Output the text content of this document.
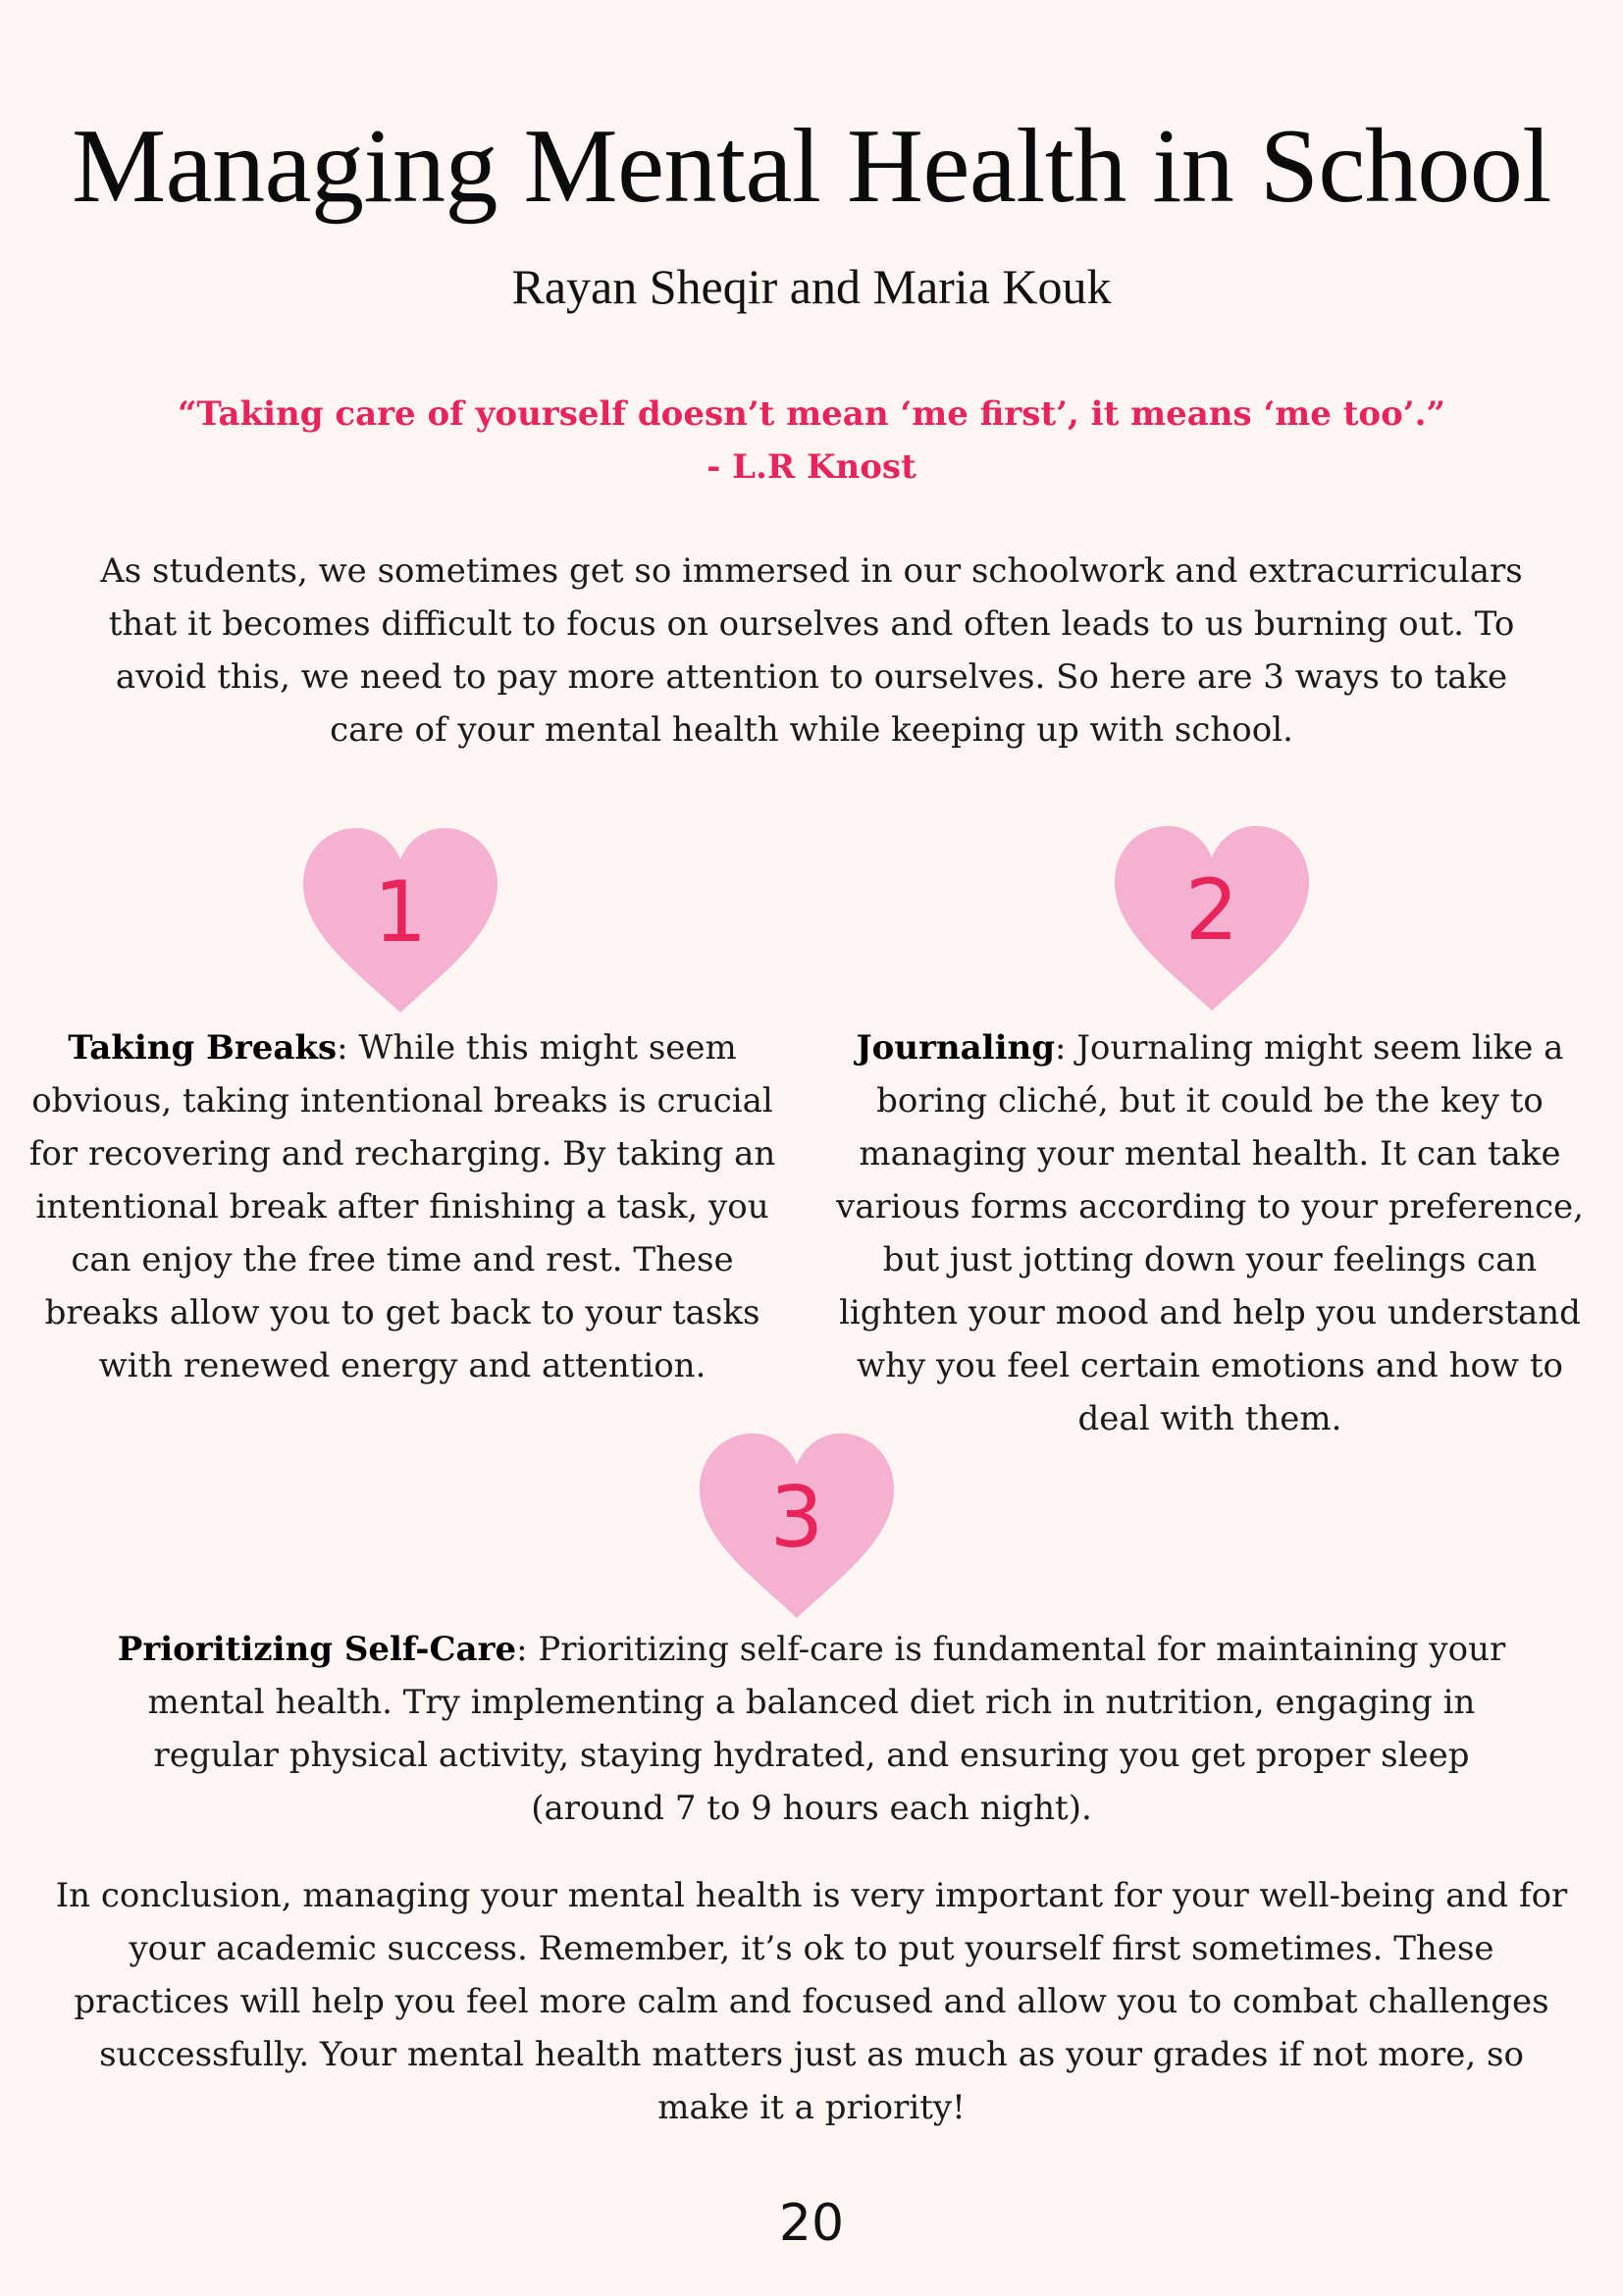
Managing Mental Health in School
Rayan Sheqir and Maria Kouk
“Taking care of yourself doesn’t mean ‘me first’, it means ‘me too’.”
- L.R Knost
As students, we sometimes get so immersed in our schoolwork and extracurriculars that it becomes difficult to focus on ourselves and often leads to us burning out. To avoid this, we need to pay more attention to ourselves. So here are 3 ways to take care of your mental health while keeping up with school.
1	2
Taking Breaks: While this might seem obvious, taking intentional breaks is crucial for recovering and recharging. By taking an intentional break after finishing a task, you can enjoy the free time and rest. These breaks allow you to get back to your tasks with renewed energy and attention.
Journaling: Journaling might seem like a boring cliché, but it could be the key to managing your mental health. It can take various forms according to your preference, but just jotting down your feelings can lighten your mood and help you understand why you feel certain emotions and how to deal with them.
3
Prioritizing Self-Care: Prioritizing self-care is fundamental for maintaining your mental health. Try implementing a balanced diet rich in nutrition, engaging in regular physical activity, staying hydrated, and ensuring you get proper sleep (around 7 to 9 hours each night).
In conclusion, managing your mental health is very important for your well-being and for your academic success. Remember, it’s ok to put yourself first sometimes. These practices will help you feel more calm and focused and allow you to combat challenges successfully. Your mental health matters just as much as your grades if not more, so make it a priority!
20
